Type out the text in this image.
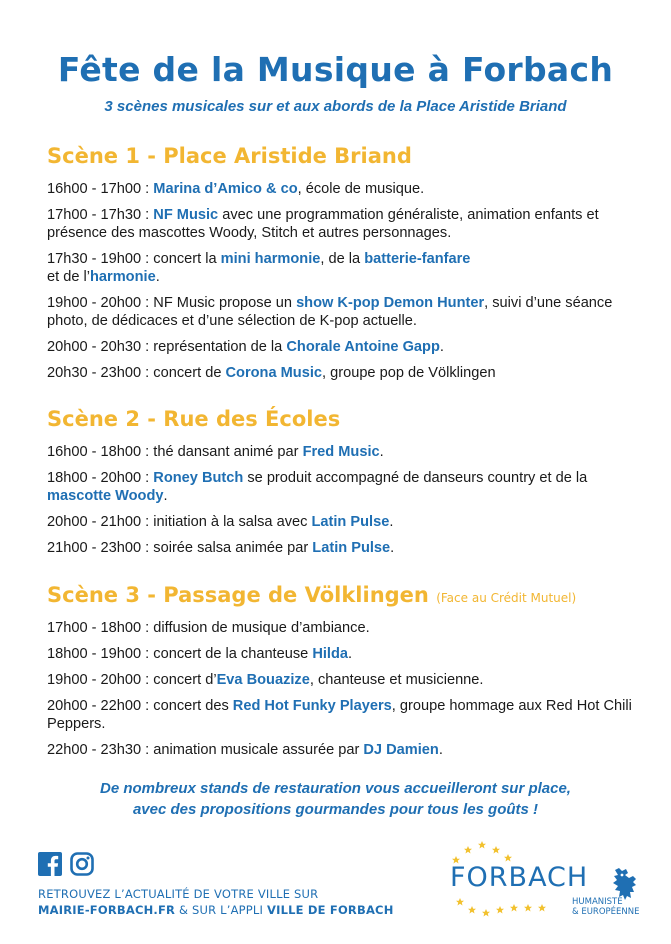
Fête de la Musique à Forbach

3 scènes musicales sur et aux abords de la Place Aristide Briand

Scène 1 - Place Aristide Briand

16h00 - 17h00 : Marina d’Amico & co, école de musique.

17h00 - 17h30 : NF Music avec une programmation généraliste, animation enfants et présence des mascottes Woody, Stitch et autres personnages.

17h30 - 19h00 : concert la mini harmonie, de la batterie-fanfare
et de l’harmonie.

19h00 - 20h00 : NF Music propose un show K-pop Demon Hunter, suivi d’une séance photo, de dédicaces et d’une sélection de K-pop actuelle.

20h00 - 20h30 : représentation de la Chorale Antoine Gapp.

20h30 - 23h00 : concert de Corona Music, groupe pop de Völklingen

Scène 2 - Rue des Écoles

16h00 - 18h00 : thé dansant animé par Fred Music.

18h00 - 20h00 : Roney Butch se produit accompagné de danseurs country et de la mascotte Woody.

20h00 - 21h00 : initiation à la salsa avec Latin Pulse.

21h00 - 23h00 : soirée salsa animée par Latin Pulse.

Scène 3 - Passage de Völklingen (Face au Crédit Mutuel)

17h00 - 18h00 : diffusion de musique d’ambiance.

18h00 - 19h00 : concert de la chanteuse Hilda.

19h00 - 20h00 : concert d’Eva Bouazize, chanteuse et musicienne.

20h00 - 22h00 : concert des Red Hot Funky Players, groupe hommage aux Red Hot Chili Peppers.

22h00 - 23h30 : animation musicale assurée par DJ Damien.

De nombreux stands de restauration vous accueilleront sur place,
avec des propositions gourmandes pour tous les goûts !

RETROUVEZ L’ACTUALITÉ DE VOTRE VILLE SUR
MAIRIE-FORBACH.FR & SUR L’APPLI VILLE DE FORBACH

FORBACH

HUMANISTE
& EUROPÉENNE
